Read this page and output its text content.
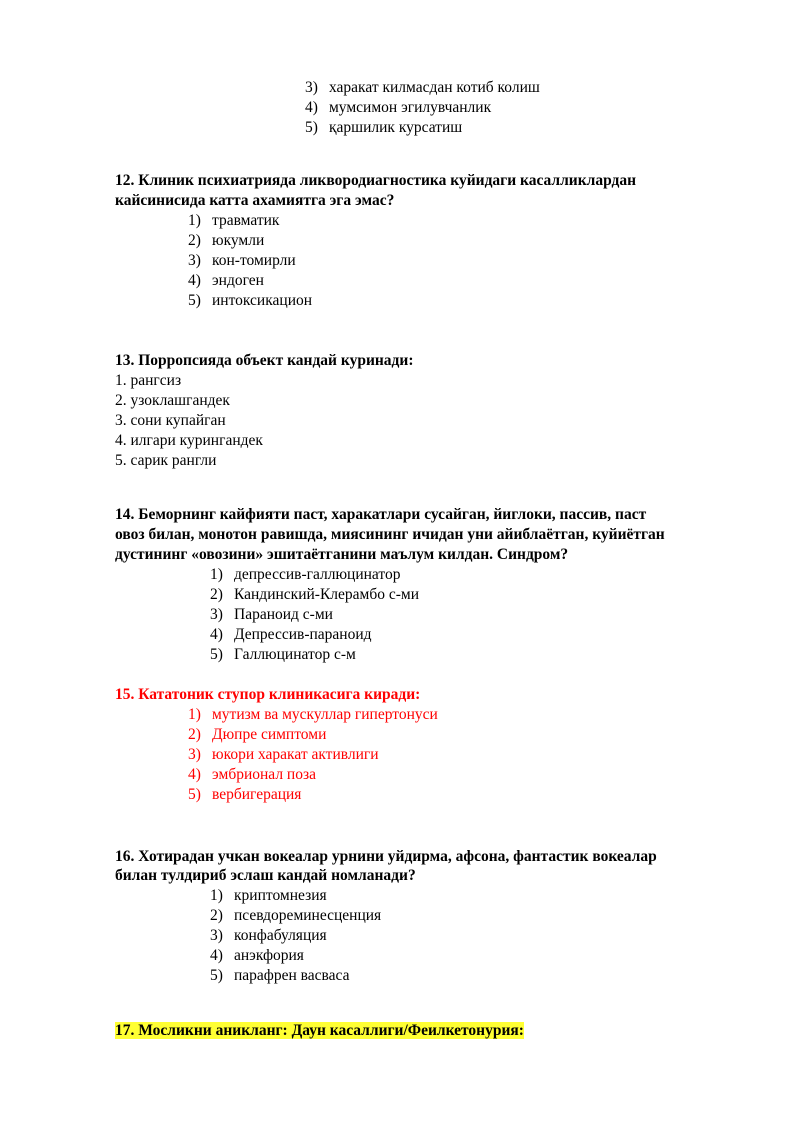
3) харакат килмасдан котиб колиш
4) мумсимон эгилувчанлик
5) қаршилик курсатиш
12. Клиник психиатрияда ликвородиагностика куйидаги касалликлардан
кайсинисида катта ахамиятга эга эмас?
1) травматик
2) юкумли
3) кон-томирли
4) эндоген
5) интоксикацион
13. Порропсияда объект кандай куринади:
1. рангсиз
2. узоклашгандек
3. сони купайган
4. илгари курингандек
5. сарик рангли
14. Беморнинг кайфияти паст, харакатлари сусайган, йиглоки, пассив, паст
овоз билан, монотон равишда, миясининг ичидан уни айиблаётган, куйиётган
дустининг «овозини» эшитаётганини маълум килдан. Синдром?
1) депрессив-галлюцинатор
2) Кандинский-Клерамбо с-ми
3) Параноид с-ми
4) Депрессив-параноид
5) Галлюцинатор с-м
15. Кататоник ступор клиникасига киради:
1) мутизм ва мускуллар гипертонуси
2) Дюпре симптоми
3) юкори харакат активлиги
4) эмбрионал поза
5) вербигерация
16. Хотирадан учкан вокеалар урнини уйдирма, афсона, фантастик вокеалар
билан тулдириб эслаш кандай номланади?
1) криптомнезия
2) псевдореминесценция
3) конфабуляция
4) анэкфория
5) парафрен васваса
17. Мосликни аникланг: Даун касаллиги/Феилкетонурия:
